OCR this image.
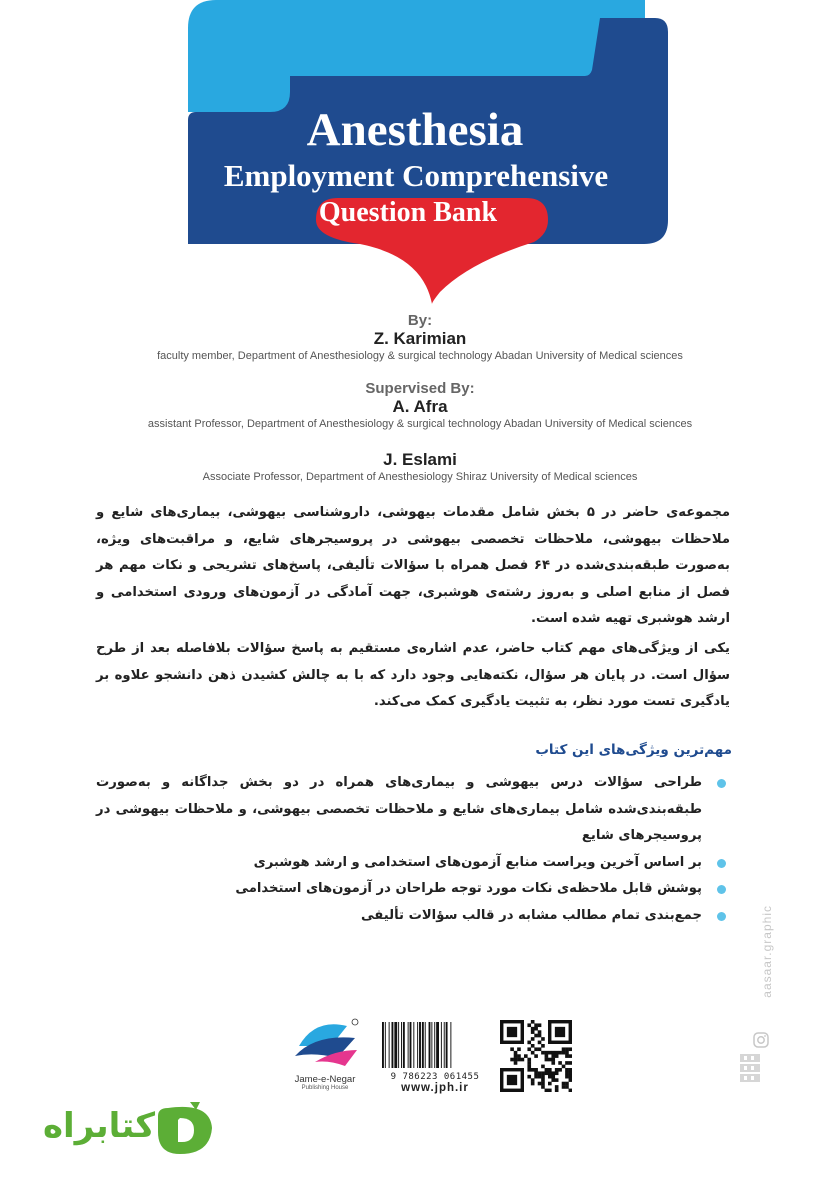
Anesthesia
Employment Comprehensive
Question Bank
By:
Z. Karimian
faculty member, Department of Anesthesiology & surgical technology Abadan University of Medical sciences
Supervised By:
A. Afra
assistant Professor, Department of Anesthesiology & surgical technology Abadan University of Medical sciences
J. Eslami
Associate Professor, Department of Anesthesiology Shiraz University of Medical sciences
مجموعه‌ی حاضر در ۵ بخش شامل مقدمات بیهوشی، داروشناسی بیهوشی، بیماری‌های شایع و ملاحظات بیهوشی، ملاحظات تخصصی بیهوشی در پروسیجرهای شایع، و مراقبت‌های ویژه، به‌صورت طبقه‌بندی‌شده در ۶۴ فصل همراه با سؤالات تألیفی، پاسخ‌های تشریحی و نکات مهم هر فصل از منابع اصلی و به‌روز رشته‌ی هوشبری، جهت آمادگی در آزمون‌های ورودی استخدامی و ارشد هوشبری تهیه شده است.
یکی از ویژگی‌های مهم کتاب حاضر، عدم اشاره‌ی مستقیم به پاسخ سؤالات بلافاصله بعد از طرح سؤال است. در پایان هر سؤال، نکته‌هایی وجود دارد که با به چالش کشیدن ذهن دانشجو علاوه بر یادگیری تست مورد نظر، به تثبیت یادگیری کمک می‌کند.
مهم‌ترین ویژگی‌های این کتاب
طراحی سؤالات درس بیهوشی و بیماری‌های همراه در دو بخش جداگانه و به‌صورت طبقه‌بندی‌شده شامل بیماری‌های شایع و ملاحظات تخصصی بیهوشی، و ملاحظات بیهوشی در پروسیجرهای شایع
بر اساس آخرین ویراست منابع آزمون‌های استخدامی و ارشد هوشبری
پوشش قابل ملاحظه‌ی نکات مورد توجه طراحان در آزمون‌های استخدامی
جمع‌بندی تمام مطالب مشابه در قالب سؤالات تألیفی	aasaar.graphic
Jame-e-Negar
Publishing House
9 786223 061455
www.jph.ir
کتابراه
